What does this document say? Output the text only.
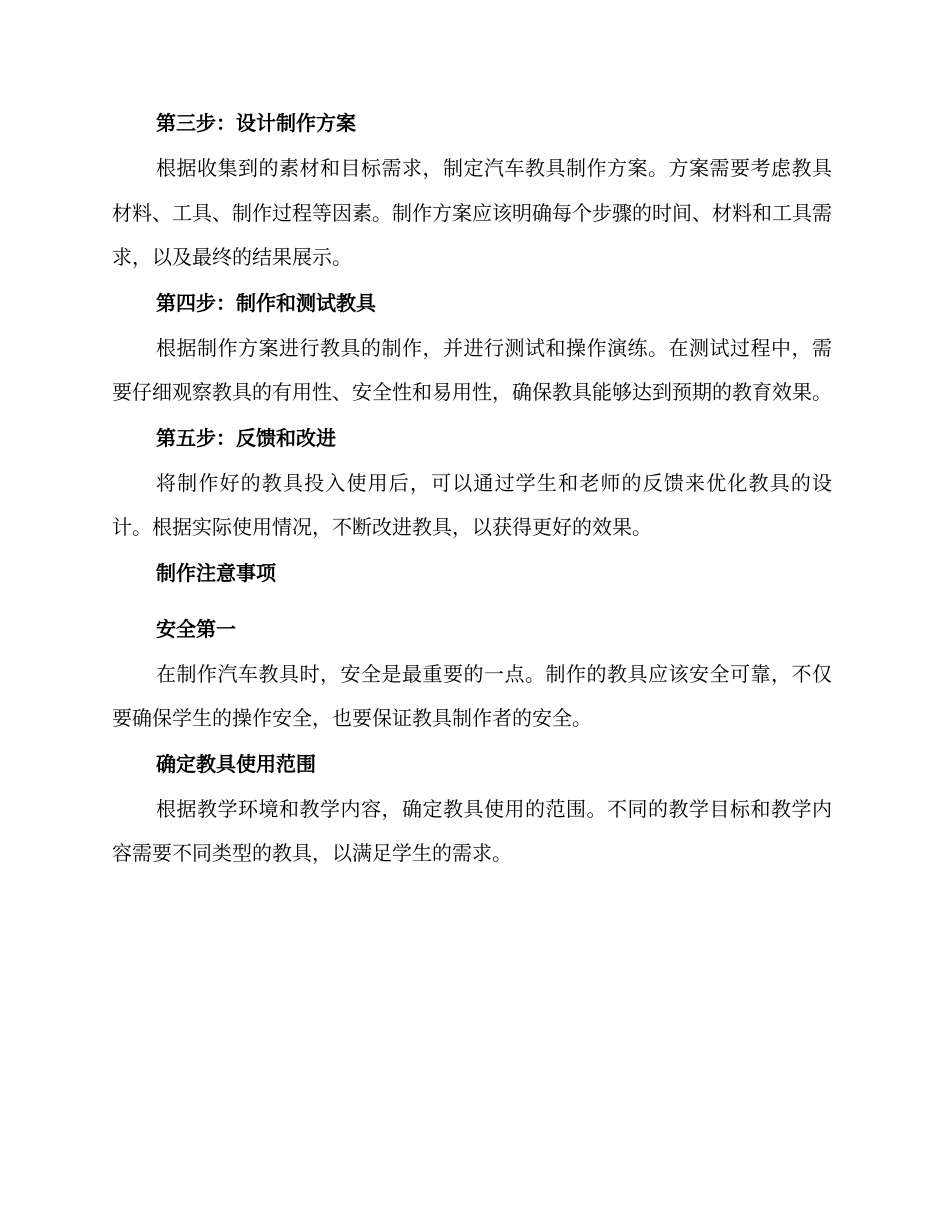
第三步：设计制作方案

根据收集到的素材和目标需求，制定汽车教具制作方案。方案需要考虑教具材料、工具、制作过程等因素。制作方案应该明确每个步骤的时间、材料和工具需求，以及最终的结果展示。

第四步：制作和测试教具

根据制作方案进行教具的制作，并进行测试和操作演练。在测试过程中，需要仔细观察教具的有用性、安全性和易用性，确保教具能够达到预期的教育效果。

第五步：反馈和改进

将制作好的教具投入使用后，可以通过学生和老师的反馈来优化教具的设计。根据实际使用情况，不断改进教具，以获得更好的效果。

制作注意事项
安全第一

在制作汽车教具时，安全是最重要的一点。制作的教具应该安全可靠，不仅要确保学生的操作安全，也要保证教具制作者的安全。

确定教具使用范围

根据教学环境和教学内容，确定教具使用的范围。不同的教学目标和教学内容需要不同类型的教具，以满足学生的需求。
